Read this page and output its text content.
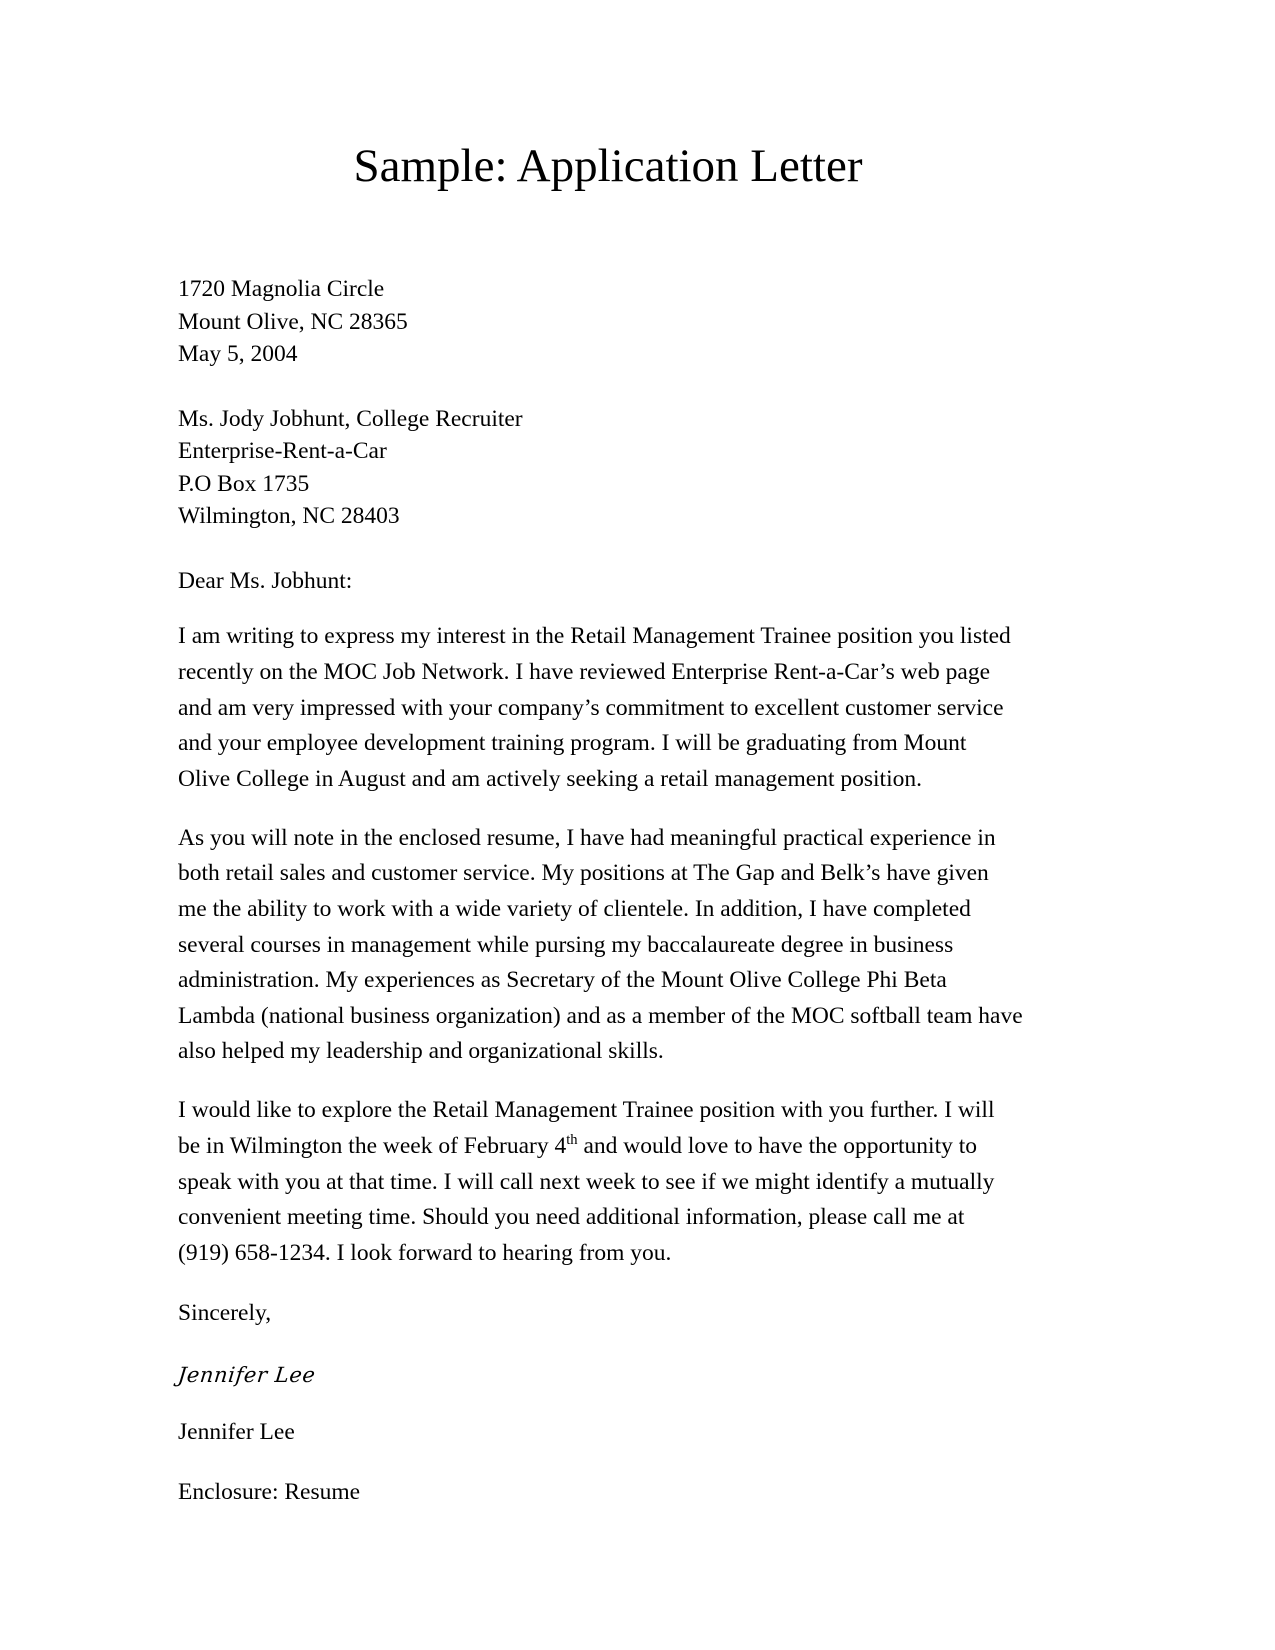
Sample: Application Letter
1720 Magnolia Circle
Mount Olive, NC 28365
May 5, 2004
Ms. Jody Jobhunt, College Recruiter
Enterprise-Rent-a-Car
P.O Box 1735
Wilmington, NC 28403
Dear Ms. Jobhunt:

I am writing to express my interest in the Retail Management Trainee position you listed
recently on the MOC Job Network. I have reviewed Enterprise Rent-a-Car’s web page
and am very impressed with your company’s commitment to excellent customer service
and your employee development training program. I will be graduating from Mount
Olive College in August and am actively seeking a retail management position.

As you will note in the enclosed resume, I have had meaningful practical experience in
both retail sales and customer service. My positions at The Gap and Belk’s have given
me the ability to work with a wide variety of clientele. In addition, I have completed
several courses in management while pursing my baccalaureate degree in business
administration. My experiences as Secretary of the Mount Olive College Phi Beta
Lambda (national business organization) and as a member of the MOC softball team have
also helped my leadership and organizational skills.

I would like to explore the Retail Management Trainee position with you further. I will
be in Wilmington the week of February 4th and would love to have the opportunity to
speak with you at that time. I will call next week to see if we might identify a mutually
convenient meeting time. Should you need additional information, please call me at
(919) 658-1234. I look forward to hearing from you.

Sincerely,
Jennifer Lee
Jennifer Lee
Enclosure: Resume
